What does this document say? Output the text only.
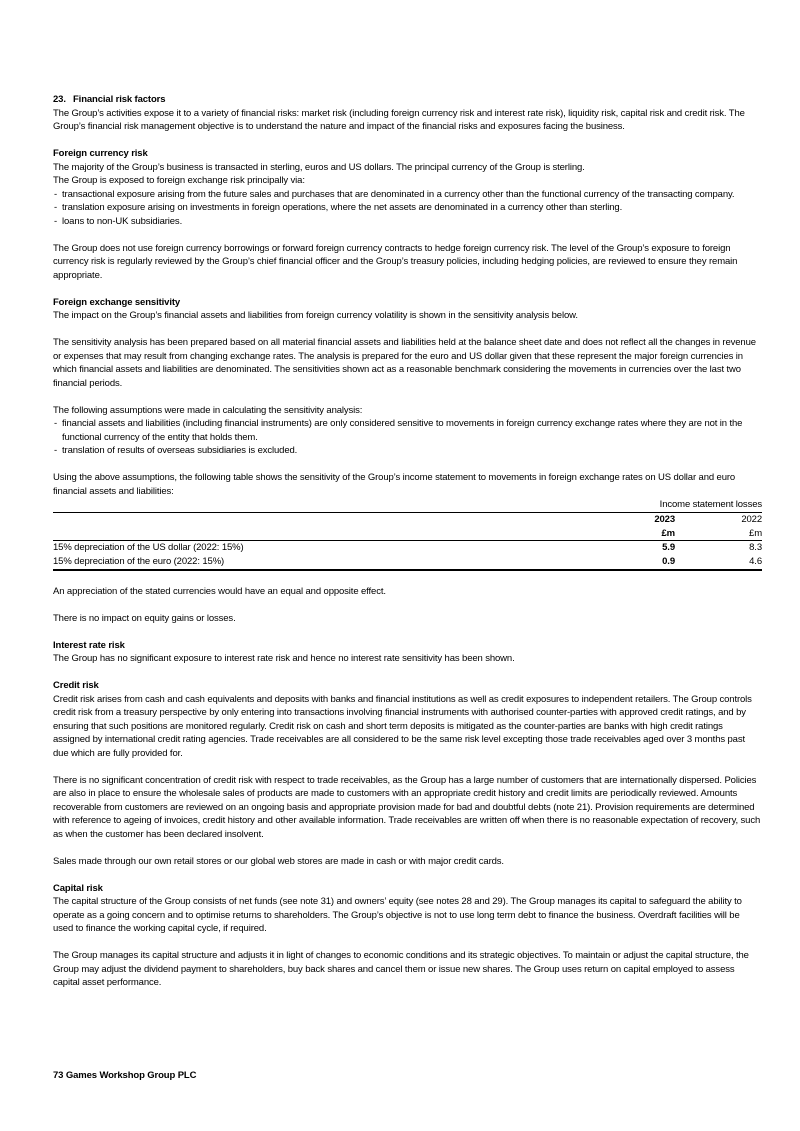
23. Financial risk factors

The Group’s activities expose it to a variety of financial risks: market risk (including foreign currency risk and interest rate risk), liquidity risk, capital risk and credit risk. The Group’s financial risk management objective is to understand the nature and impact of the financial risks and exposures facing the business.

Foreign currency risk
The majority of the Group’s business is transacted in sterling, euros and US dollars. The principal currency of the Group is sterling.
The Group is exposed to foreign exchange risk principally via:
- transactional exposure arising from the future sales and purchases that are denominated in a currency other than the functional currency of the transacting company.
- translation exposure arising on investments in foreign operations, where the net assets are denominated in a currency other than sterling.
- loans to non-UK subsidiaries.

The Group does not use foreign currency borrowings or forward foreign currency contracts to hedge foreign currency risk. The level of the Group’s exposure to foreign currency risk is regularly reviewed by the Group’s chief financial officer and the Group’s treasury policies, including hedging policies, are reviewed to ensure they remain appropriate.

Foreign exchange sensitivity

The impact on the Group’s financial assets and liabilities from foreign currency volatility is shown in the sensitivity analysis below.

The sensitivity analysis has been prepared based on all material financial assets and liabilities held at the balance sheet date and does not reflect all the changes in revenue or expenses that may result from changing exchange rates. The analysis is prepared for the euro and US dollar given that these represent the major foreign currencies in which financial assets and liabilities are denominated. The sensitivities shown act as a reasonable benchmark considering the movements in currencies over the last two financial periods.

The following assumptions were made in calculating the sensitivity analysis:

- financial assets and liabilities (including financial instruments) are only considered sensitive to movements in foreign currency exchange rates where they are not in the functional currency of the entity that holds them.
- translation of results of overseas subsidiaries is excluded.

Using the above assumptions, the following table shows the sensitivity of the Group’s income statement to movements in foreign exchange rates on US dollar and euro financial assets and liabilities:

Income statement losses
2023	2022
£m	£m
15% depreciation of the US dollar (2022: 15%)	5.9	8.3
15% depreciation of the euro (2022: 15%)	0.9	4.6

An appreciation of the stated currencies would have an equal and opposite effect.

There is no impact on equity gains or losses.

Interest rate risk

The Group has no significant exposure to interest rate risk and hence no interest rate sensitivity has been shown.

Credit risk

Credit risk arises from cash and cash equivalents and deposits with banks and financial institutions as well as credit exposures to independent retailers. The Group controls credit risk from a treasury perspective by only entering into transactions involving financial instruments with authorised counter-parties with approved credit ratings, and by ensuring that such positions are monitored regularly. Credit risk on cash and short term deposits is mitigated as the counter-parties are banks with high credit ratings assigned by international credit rating agencies. Trade receivables are all considered to be the same risk level excepting those trade receivables aged over 3 months past due which are fully provided for.

There is no significant concentration of credit risk with respect to trade receivables, as the Group has a large number of customers that are internationally dispersed. Policies are also in place to ensure the wholesale sales of products are made to customers with an appropriate credit history and credit limits are periodically reviewed. Amounts recoverable from customers are reviewed on an ongoing basis and appropriate provision made for bad and doubtful debts (note 21). Provision requirements are determined with reference to ageing of invoices, credit history and other available information. Trade receivables are written off when there is no reasonable expectation of recovery, such as when the customer has been declared insolvent.

Sales made through our own retail stores or our global web stores are made in cash or with major credit cards.

Capital risk

The capital structure of the Group consists of net funds (see note 31) and owners’ equity (see notes 28 and 29). The Group manages its capital to safeguard the ability to operate as a going concern and to optimise returns to shareholders. The Group’s objective is not to use long term debt to finance the business. Overdraft facilities will be used to finance the working capital cycle, if required.

The Group manages its capital structure and adjusts it in light of changes to economic conditions and its strategic objectives. To maintain or adjust the capital structure, the Group may adjust the dividend payment to shareholders, buy back shares and cancel them or issue new shares. The Group uses return on capital employed to assess capital asset performance.

73 Games Workshop Group PLC
